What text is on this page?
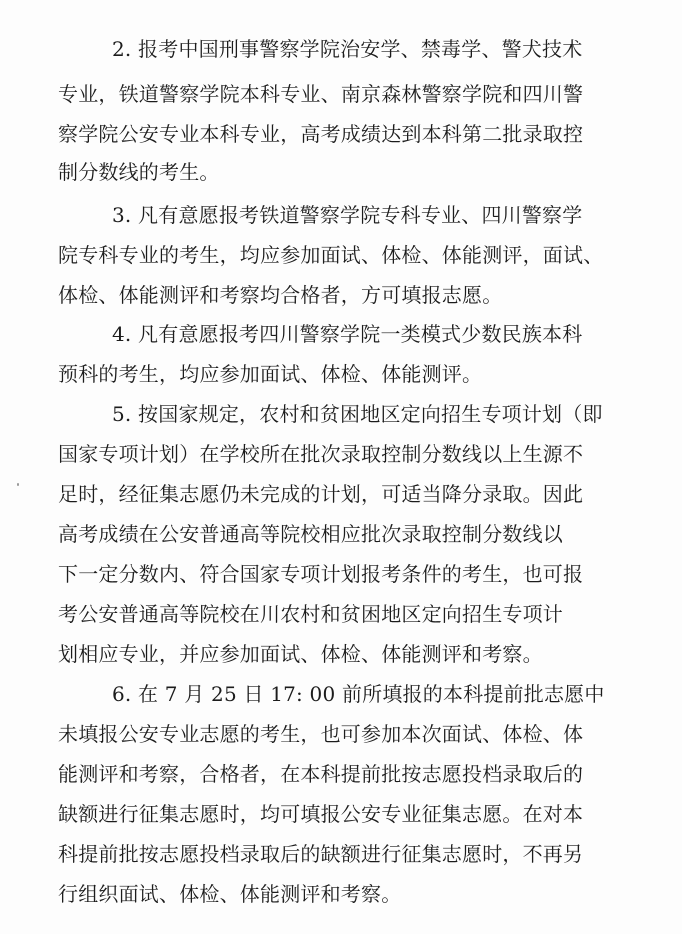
2. 报考中国刑事警察学院治安学、禁毒学、警犬技术
专业，铁道警察学院本科专业、南京森林警察学院和四川警
察学院公安专业本科专业，高考成绩达到本科第二批录取控
制分数线的考生。
3. 凡有意愿报考铁道警察学院专科专业、四川警察学
院专科专业的考生，均应参加面试、体检、体能测评，面试、
体检、体能测评和考察均合格者，方可填报志愿。
4. 凡有意愿报考四川警察学院一类模式少数民族本科
预科的考生，均应参加面试、体检、体能测评。
5. 按国家规定，农村和贫困地区定向招生专项计划（即
国家专项计划）在学校所在批次录取控制分数线以上生源不
足时，经征集志愿仍未完成的计划，可适当降分录取。因此
高考成绩在公安普通高等院校相应批次录取控制分数线以
下一定分数内、符合国家专项计划报考条件的考生，也可报
考公安普通高等院校在川农村和贫困地区定向招生专项计
划相应专业，并应参加面试、体检、体能测评和考察。
6. 在 7 月 25 日 17: 00 前所填报的本科提前批志愿中
未填报公安专业志愿的考生，也可参加本次面试、体检、体
能测评和考察，合格者，在本科提前批按志愿投档录取后的
缺额进行征集志愿时，均可填报公安专业征集志愿。在对本
科提前批按志愿投档录取后的缺额进行征集志愿时，不再另
行组织面试、体检、体能测评和考察。
